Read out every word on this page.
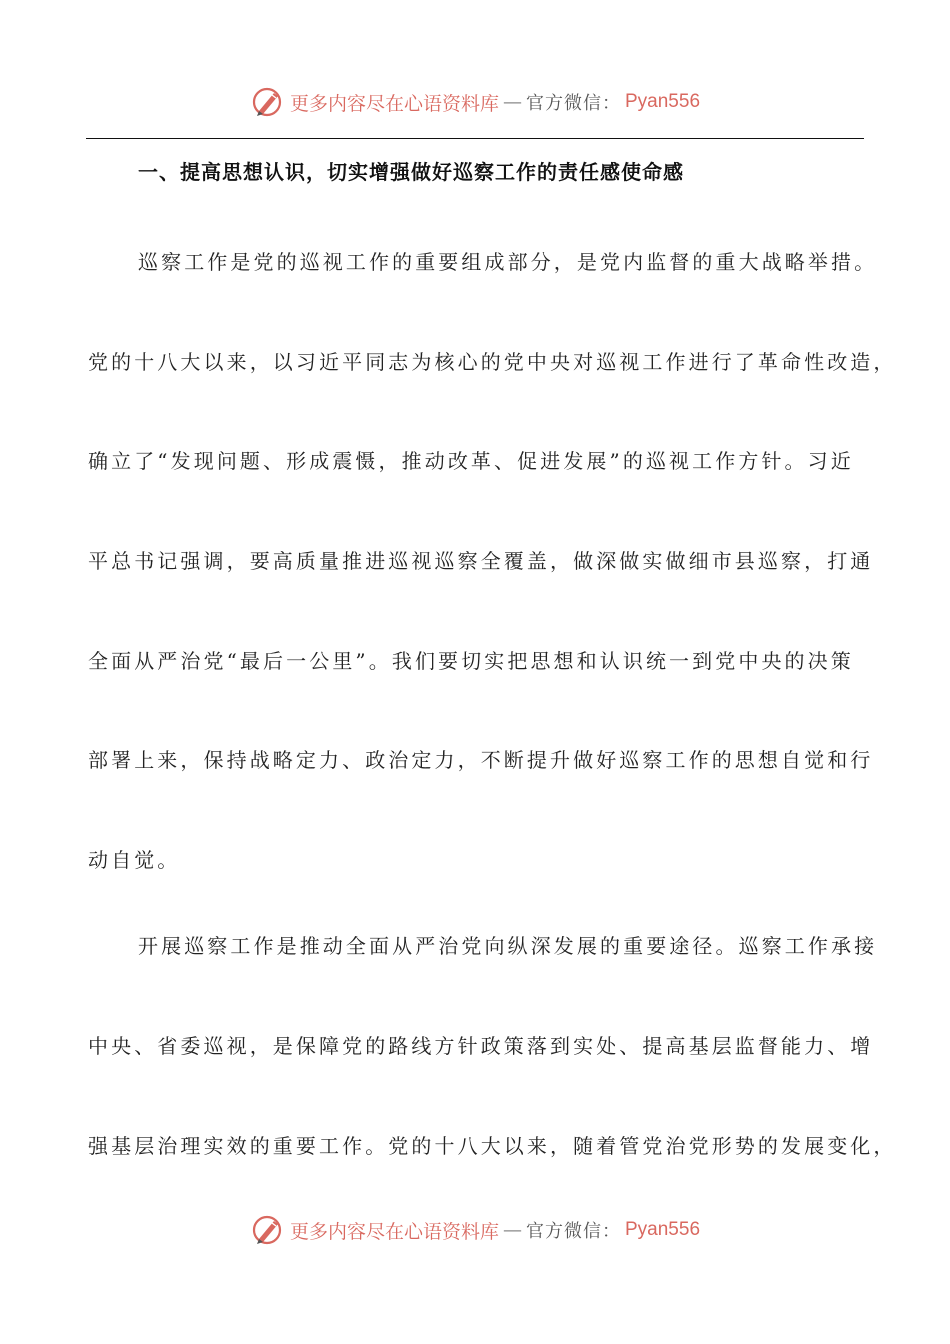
更多内容尽在心语资料库 — 官方微信： Pyan556
一、提高思想认识，切实增强做好巡察工作的责任感使命感
巡察工作是党的巡视工作的重要组成部分，是党内监督的重大战略举措。
党的十八大以来，以习近平同志为核心的党中央对巡视工作进行了革命性改造，
确立了“发现问题、形成震慑，推动改革、促进发展”的巡视工作方针。习近
平总书记强调，要高质量推进巡视巡察全覆盖，做深做实做细市县巡察，打通
全面从严治党“最后一公里”。我们要切实把思想和认识统一到党中央的决策
部署上来，保持战略定力、政治定力，不断提升做好巡察工作的思想自觉和行
动自觉。
开展巡察工作是推动全面从严治党向纵深发展的重要途径。巡察工作承接
中央、省委巡视，是保障党的路线方针政策落到实处、提高基层监督能力、增
强基层治理实效的重要工作。党的十八大以来，随着管党治党形势的发展变化，
更多内容尽在心语资料库 — 官方微信： Pyan556
